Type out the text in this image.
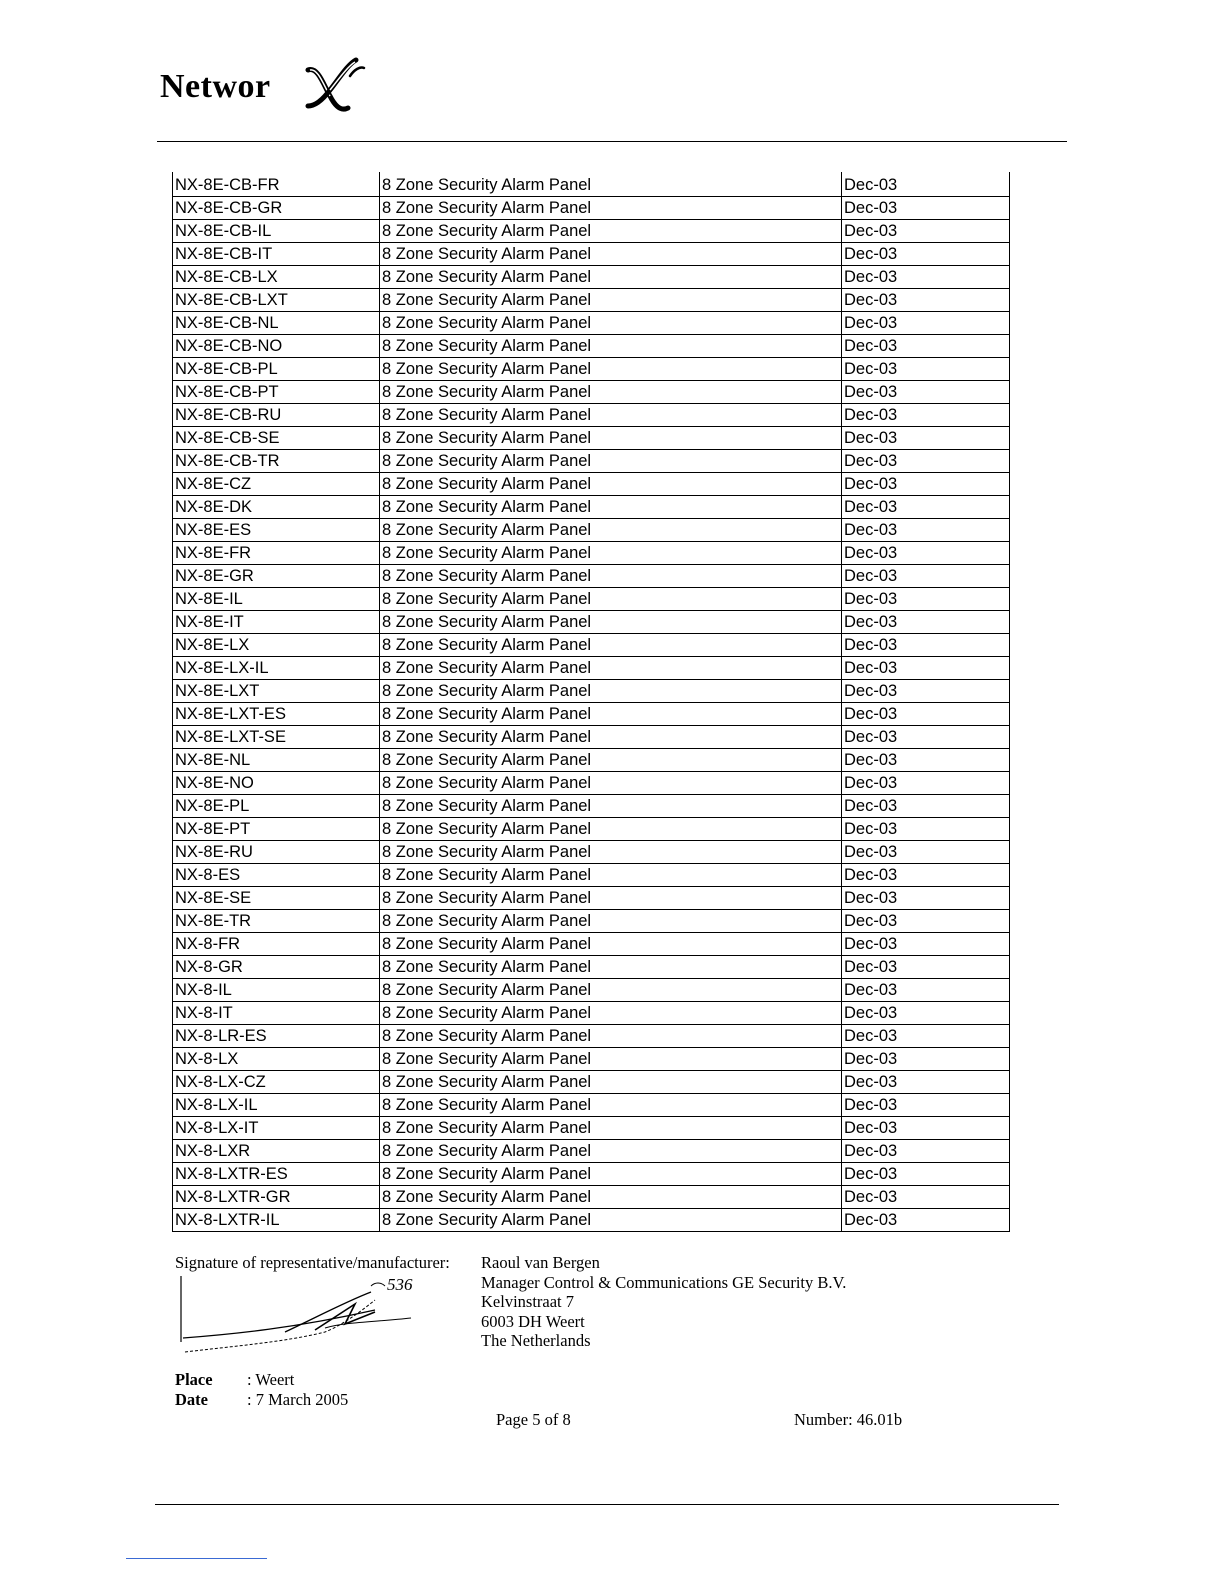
Networ
NX-8E-CB-FR	8 Zone Security Alarm Panel	Dec-03
NX-8E-CB-GR	8 Zone Security Alarm Panel	Dec-03
NX-8E-CB-IL	8 Zone Security Alarm Panel	Dec-03
NX-8E-CB-IT	8 Zone Security Alarm Panel	Dec-03
NX-8E-CB-LX	8 Zone Security Alarm Panel	Dec-03
NX-8E-CB-LXT	8 Zone Security Alarm Panel	Dec-03
NX-8E-CB-NL	8 Zone Security Alarm Panel	Dec-03
NX-8E-CB-NO	8 Zone Security Alarm Panel	Dec-03
NX-8E-CB-PL	8 Zone Security Alarm Panel	Dec-03
NX-8E-CB-PT	8 Zone Security Alarm Panel	Dec-03
NX-8E-CB-RU	8 Zone Security Alarm Panel	Dec-03
NX-8E-CB-SE	8 Zone Security Alarm Panel	Dec-03
NX-8E-CB-TR	8 Zone Security Alarm Panel	Dec-03
NX-8E-CZ	8 Zone Security Alarm Panel	Dec-03
NX-8E-DK	8 Zone Security Alarm Panel	Dec-03
NX-8E-ES	8 Zone Security Alarm Panel	Dec-03
NX-8E-FR	8 Zone Security Alarm Panel	Dec-03
NX-8E-GR	8 Zone Security Alarm Panel	Dec-03
NX-8E-IL	8 Zone Security Alarm Panel	Dec-03
NX-8E-IT	8 Zone Security Alarm Panel	Dec-03
NX-8E-LX	8 Zone Security Alarm Panel	Dec-03
NX-8E-LX-IL	8 Zone Security Alarm Panel	Dec-03
NX-8E-LXT	8 Zone Security Alarm Panel	Dec-03
NX-8E-LXT-ES	8 Zone Security Alarm Panel	Dec-03
NX-8E-LXT-SE	8 Zone Security Alarm Panel	Dec-03
NX-8E-NL	8 Zone Security Alarm Panel	Dec-03
NX-8E-NO	8 Zone Security Alarm Panel	Dec-03
NX-8E-PL	8 Zone Security Alarm Panel	Dec-03
NX-8E-PT	8 Zone Security Alarm Panel	Dec-03
NX-8E-RU	8 Zone Security Alarm Panel	Dec-03
NX-8-ES	8 Zone Security Alarm Panel	Dec-03
NX-8E-SE	8 Zone Security Alarm Panel	Dec-03
NX-8E-TR	8 Zone Security Alarm Panel	Dec-03
NX-8-FR	8 Zone Security Alarm Panel	Dec-03
NX-8-GR	8 Zone Security Alarm Panel	Dec-03
NX-8-IL	8 Zone Security Alarm Panel	Dec-03
NX-8-IT	8 Zone Security Alarm Panel	Dec-03
NX-8-LR-ES	8 Zone Security Alarm Panel	Dec-03
NX-8-LX	8 Zone Security Alarm Panel	Dec-03
NX-8-LX-CZ	8 Zone Security Alarm Panel	Dec-03
NX-8-LX-IL	8 Zone Security Alarm Panel	Dec-03
NX-8-LX-IT	8 Zone Security Alarm Panel	Dec-03
NX-8-LXR	8 Zone Security Alarm Panel	Dec-03
NX-8-LXTR-ES	8 Zone Security Alarm Panel	Dec-03
NX-8-LXTR-GR	8 Zone Security Alarm Panel	Dec-03
NX-8-LXTR-IL	8 Zone Security Alarm Panel	Dec-03
Signature of representative/manufacturer:
536
Raoul van Bergen
Manager Control & Communications GE Security B.V.
Kelvinstraat 7
6003 DH Weert
The Netherlands
Place : Weert
Date : 7 March 2005
Page 5 of 8	Number: 46.01b
